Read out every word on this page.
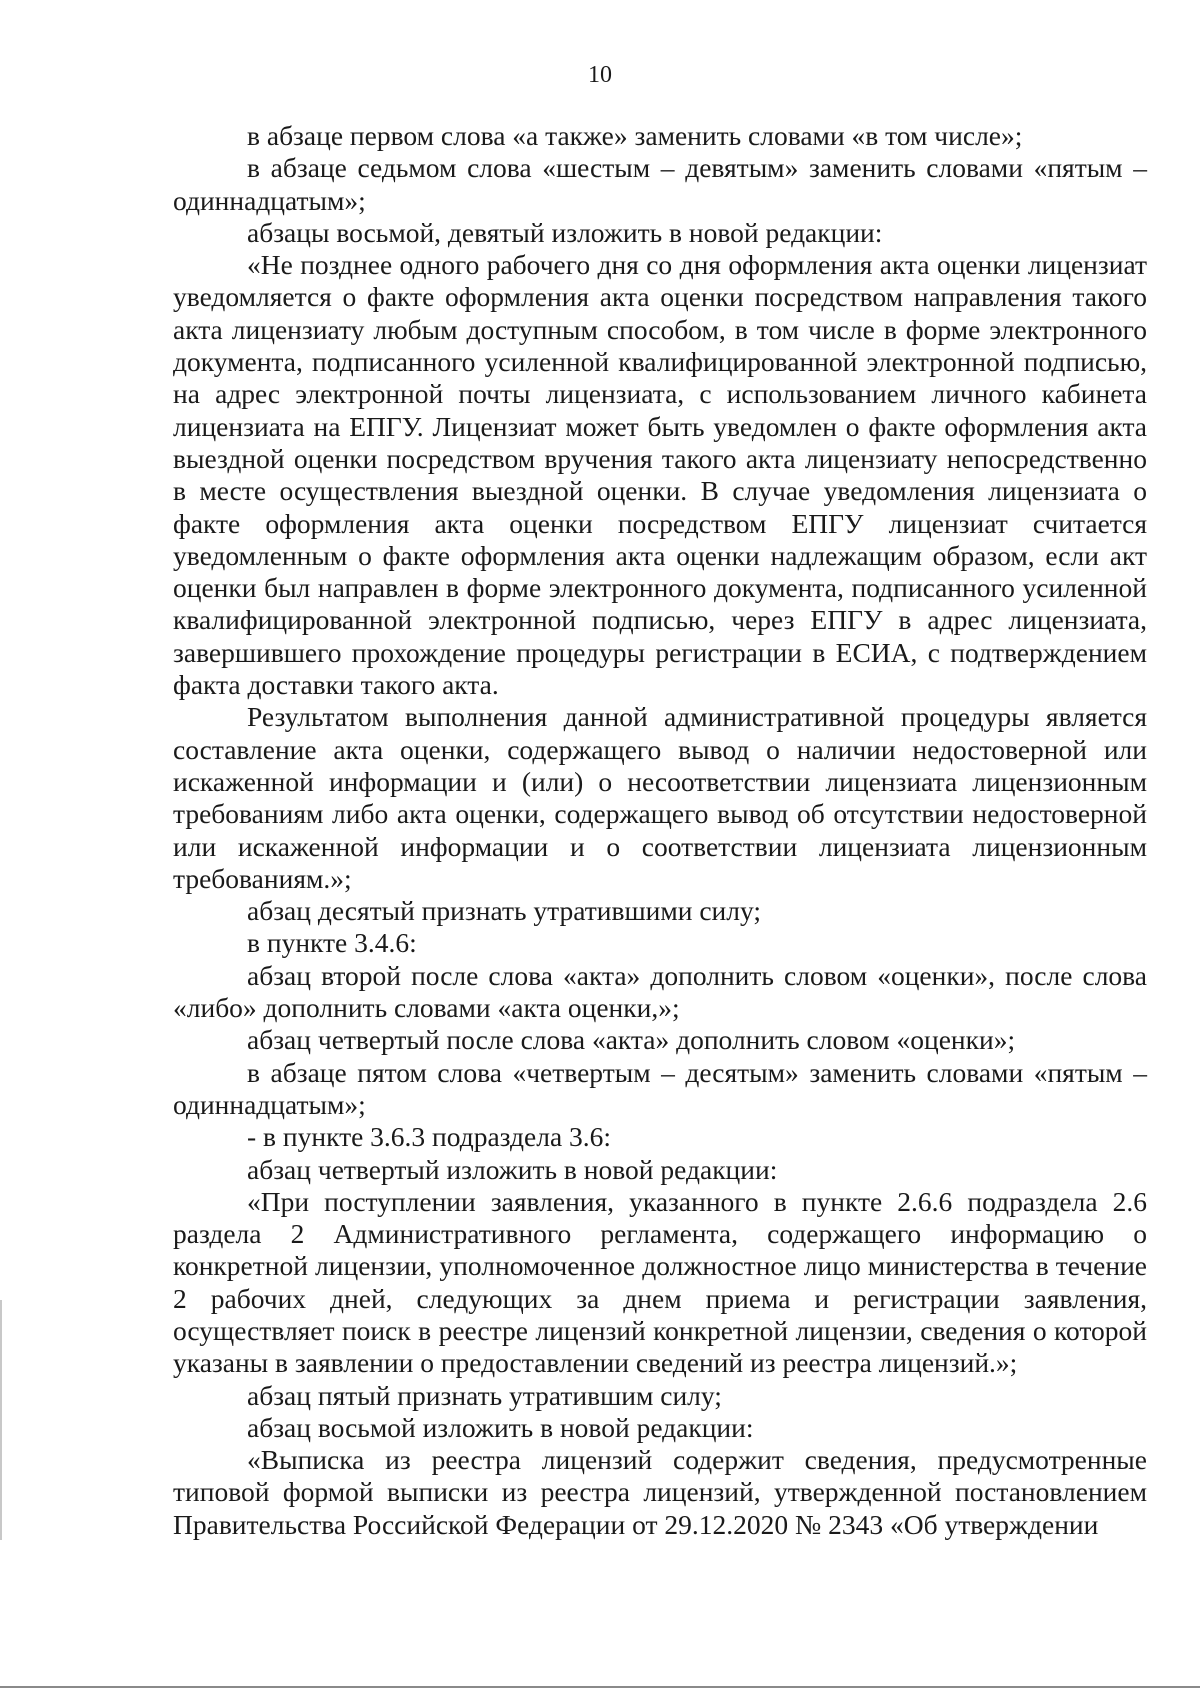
10

в абзаце первом слова «а также» заменить словами «в том числе»;

в абзаце седьмом слова «шестым – девятым» заменить словами «пятым – одиннадцатым»;

абзацы восьмой, девятый изложить в новой редакции:

«Не позднее одного рабочего дня со дня оформления акта оценки лицензиат уведомляется о факте оформления акта оценки посредством направления такого акта лицензиату любым доступным способом, в том числе в форме электронного документа, подписанного усиленной квалифицированной электронной подписью, на адрес электронной почты лицензиата, с использованием личного кабинета лицензиата на ЕПГУ. Лицензиат может быть уведомлен о факте оформления акта выездной оценки посредством вручения такого акта лицензиату непосредственно в месте осуществления выездной оценки. В случае уведомления лицензиата о факте оформления акта оценки посредством ЕПГУ лицензиат считается уведомленным о факте оформления акта оценки надлежащим образом, если акт оценки был направлен в форме электронного документа, подписанного усиленной квалифицированной электронной подписью, через ЕПГУ в адрес лицензиата, завершившего прохождение процедуры регистрации в ЕСИА, с подтверждением факта доставки такого акта.

Результатом выполнения данной административной процедуры является составление акта оценки, содержащего вывод о наличии недостоверной или искаженной информации и (или) о несоответствии лицензиата лицензионным требованиям либо акта оценки, содержащего вывод об отсутствии недостоверной или искаженной информации и о соответствии лицензиата лицензионным требованиям.»;

абзац десятый признать утратившими силу;

в пункте 3.4.6:

абзац второй после слова «акта» дополнить словом «оценки», после слова «либо» дополнить словами «акта оценки,»;

абзац четвертый после слова «акта» дополнить словом «оценки»;

в абзаце пятом слова «четвертым – десятым» заменить словами «пятым – одиннадцатым»;

- в пункте 3.6.3 подраздела 3.6:

абзац четвертый изложить в новой редакции:

«При поступлении заявления, указанного в пункте 2.6.6 подраздела 2.6 раздела 2 Административного регламента, содержащего информацию о конкретной лицензии, уполномоченное должностное лицо министерства в течение 2 рабочих дней, следующих за днем приема и регистрации заявления, осуществляет поиск в реестре лицензий конкретной лицензии, сведения о которой указаны в заявлении о предоставлении сведений из реестра лицензий.»;

абзац пятый признать утратившим силу;

абзац восьмой изложить в новой редакции:

«Выписка из реестра лицензий содержит сведения, предусмотренные типовой формой выписки из реестра лицензий, утвержденной постановлением Правительства Российской Федерации от 29.12.2020 № 2343 «Об утверждении
